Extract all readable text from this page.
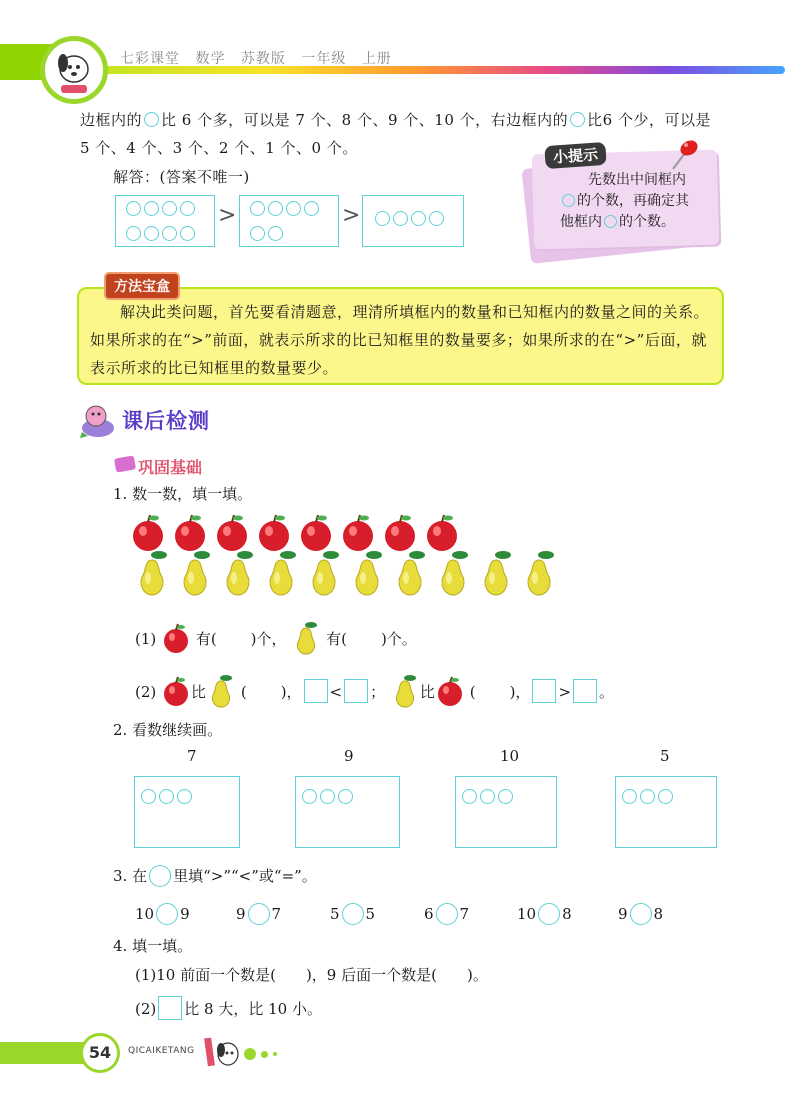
七彩课堂 数学 苏教版 一年级 上册
边框内的 比 6 个多，可以是 7 个、8 个、9 个、10 个，右边框内的 比6 个少，可以是
5 个、4 个、3 个、2 个、1 个、0 个。
解答：(答案不唯一)
>	>
小提示
先数出中间框内
的个数，再确定其
他框内 的个数。
方法宝盒
解决此类问题，首先要看清题意，理清所填框内的数量和已知框内的数量之间的关系。如果所求的在“>”前面，就表示所求的比已知框里的数量要多；如果所求的在“>”后面，就表示所求的比已知框里的数量要少。
课后检测
巩固基础
1. 数一数，填一填。
(1)	有( )个，	有( )个。
(2) 比 ( )， < ； 比 ( )， > 。
2. 看数继续画。
7	9	10	5
3. 在 里填“>”“<”或“=”。
10 9	9 7	5 5	6 7	10 8	9 8
4. 填一填。
(1)10 前面一个数是(　　)，9 后面一个数是(　　)。
(2) 比 8 大，比 10 小。
54	QICAIKETANG
